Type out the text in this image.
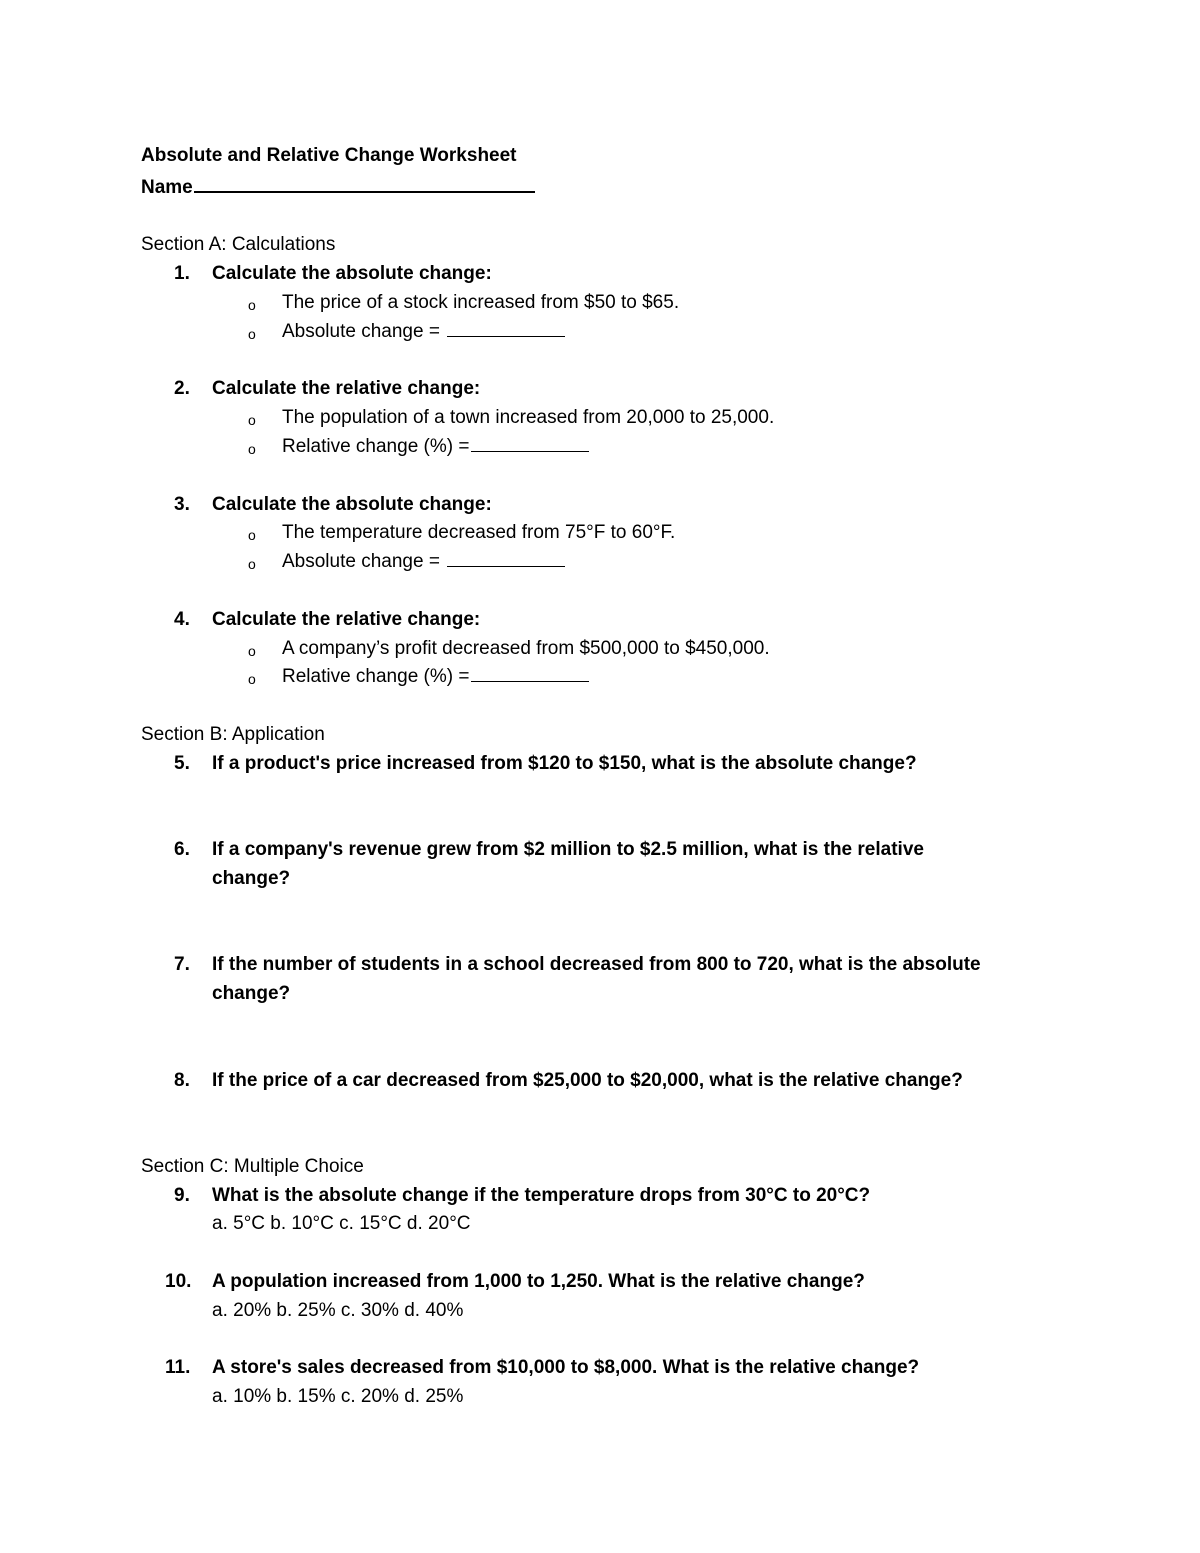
Absolute and Relative Change Worksheet
Name
Section A: Calculations
1. Calculate the absolute change:
o The price of a stock increased from $50 to $65.
o Absolute change =
2. Calculate the relative change:
o The population of a town increased from 20,000 to 25,000.
o Relative change (%) =
3. Calculate the absolute change:
o The temperature decreased from 75°F to 60°F.
o Absolute change =
4. Calculate the relative change:
o A company’s profit decreased from $500,000 to $450,000.
o Relative change (%) =
Section B: Application
5. If a product's price increased from $120 to $150, what is the absolute change?
6. If a company's revenue grew from $2 million to $2.5 million, what is the relative
change?
7. If the number of students in a school decreased from 800 to 720, what is the absolute
change?
8. If the price of a car decreased from $25,000 to $20,000, what is the relative change?
Section C: Multiple Choice
9. What is the absolute change if the temperature drops from 30°C to 20°C?
a. 5°C b. 10°C c. 15°C d. 20°C
10. A population increased from 1,000 to 1,250. What is the relative change?
a. 20% b. 25% c. 30% d. 40%
11. A store's sales decreased from $10,000 to $8,000. What is the relative change?
a. 10% b. 15% c. 20% d. 25%
